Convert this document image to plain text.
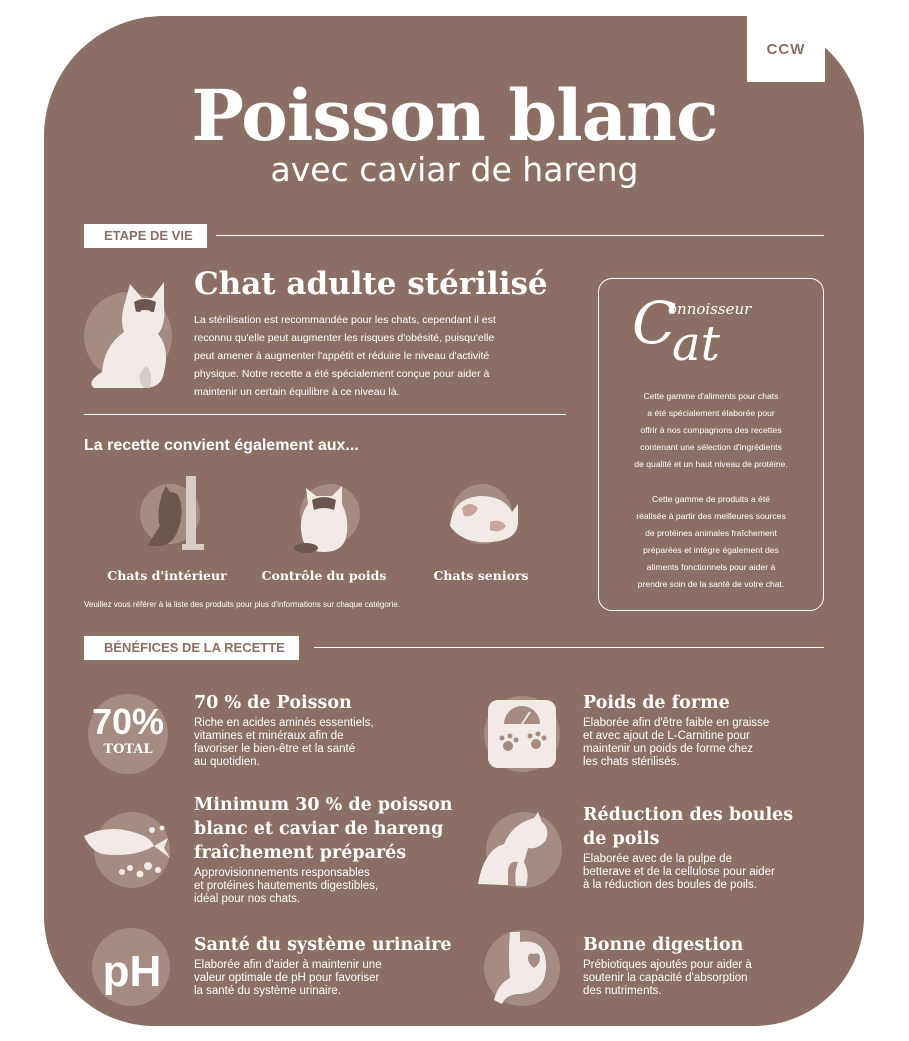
CCW
Poisson blanc
avec caviar de hareng
ETAPE DE VIE
Chat adulte stérilisé
La stérilisation est recommandée pour les chats, cependant il est
reconnu qu'elle peut augmenter les risques d'obésité, puisqu'elle
peut amener à augmenter l'appétit et réduire le niveau d'activité
physique. Notre recette a été spécialement conçue pour aider à
maintenir un certain équilibre à ce niveau là.
La recette convient également aux...
Chats d'intérieur	Contrôle du poids	Chats seniors
Veuillez vous référer à la liste des produits pour plus d'informations sur chaque catégorie.
C
onnoisseur
at
Cette gamme d'aliments pour chats
a été spécialement élaborée pour
offrir à nos compagnons des recettes
contenant une sélection d'ingrédients
de qualité et un haut niveau de protéine.
Cette gamme de produits a été
réalisée à partir des meilleures sources
de protéines animales fraîchement
préparées et intègre également des
aliments fonctionnels pour aider à
prendre soin de la santé de votre chat.
BÉNÉFICES DE LA RECETTE
70%
TOTAL
70 % de Poisson
Riche en acides aminés essentiels,
vitamines et minéraux afin de
favoriser le bien-être et la santé
au quotidien.
Poids de forme
Elaborée afin d'être faible en graisse
et avec ajout de L-Carnitine pour
maintenir un poids de forme chez
les chats stérilisés.
Minimum 30 % de poisson
blanc et caviar de hareng
fraîchement préparés
Approvisionnements responsables
et protéines hautements digestibles,
idéal pour nos chats.
Réduction des boules
de poils
Elaborée avec de la pulpe de
betterave et de la cellulose pour aider
à la réduction des boules de poils.
pH
Santé du système urinaire
Elaborée afin d'aider à maintenir une
valeur optimale de pH pour favoriser
la santé du système urinaire.
Bonne digestion
Prébiotiques ajoutés pour aider à
soutenir la capacité d'absorption
des nutriments.
